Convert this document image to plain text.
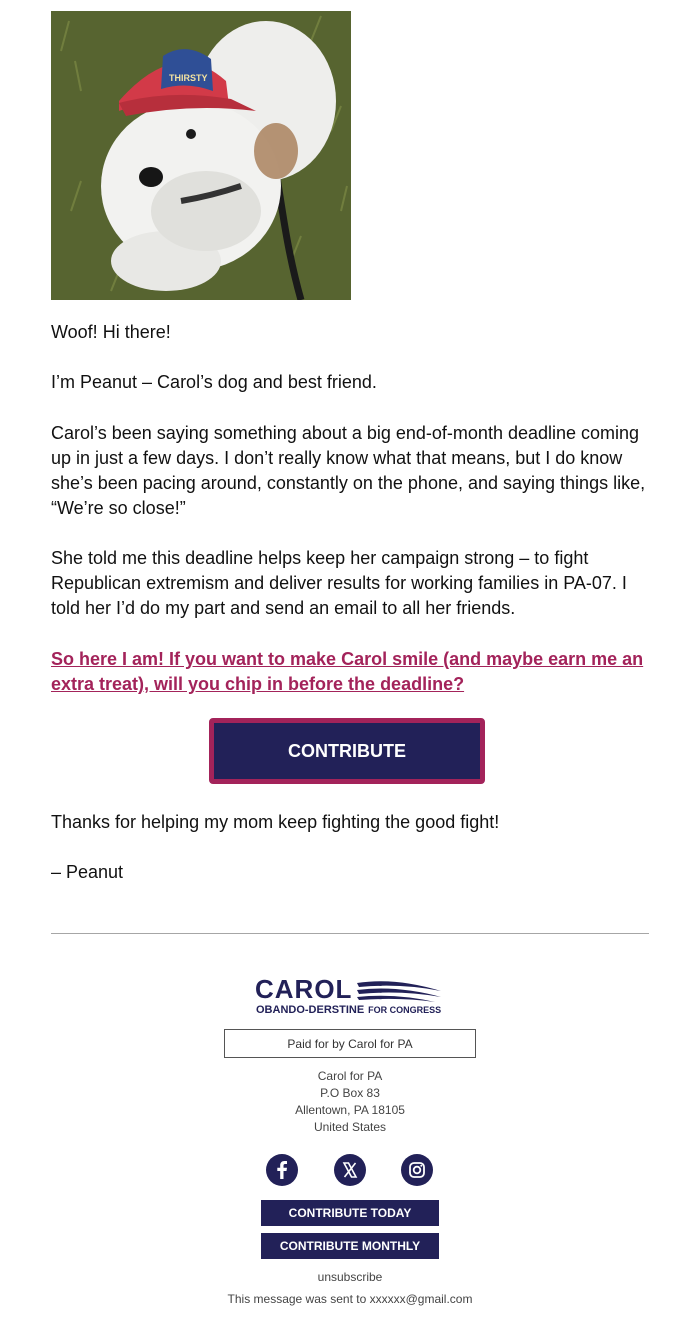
THIRSTY

Woof! Hi there!

I’m Peanut – Carol’s dog and best friend.

Carol’s been saying something about a big end-of-month deadline coming up in just a few days. I don’t really know what that means, but I do know she’s been pacing around, constantly on the phone, and saying things like, “We’re so close!”

She told me this deadline helps keep her campaign strong – to fight Republican extremism and deliver results for working families in PA-07. I told her I’d do my part and send an email to all her friends.

So here I am! If you want to make Carol smile (and maybe earn me an extra treat), will you chip in before the deadline?

CONTRIBUTE

Thanks for helping my mom keep fighting the good fight!

– Peanut

CAROL
OBANDO-DERSTINE FOR CONGRESS
Paid for by Carol for PA
Carol for PA
P.O Box 83
Allentown, PA 18105
United States
CONTRIBUTE TODAY
CONTRIBUTE MONTHLY
unsubscribe
This message was sent to xxxxxx@gmail.com
